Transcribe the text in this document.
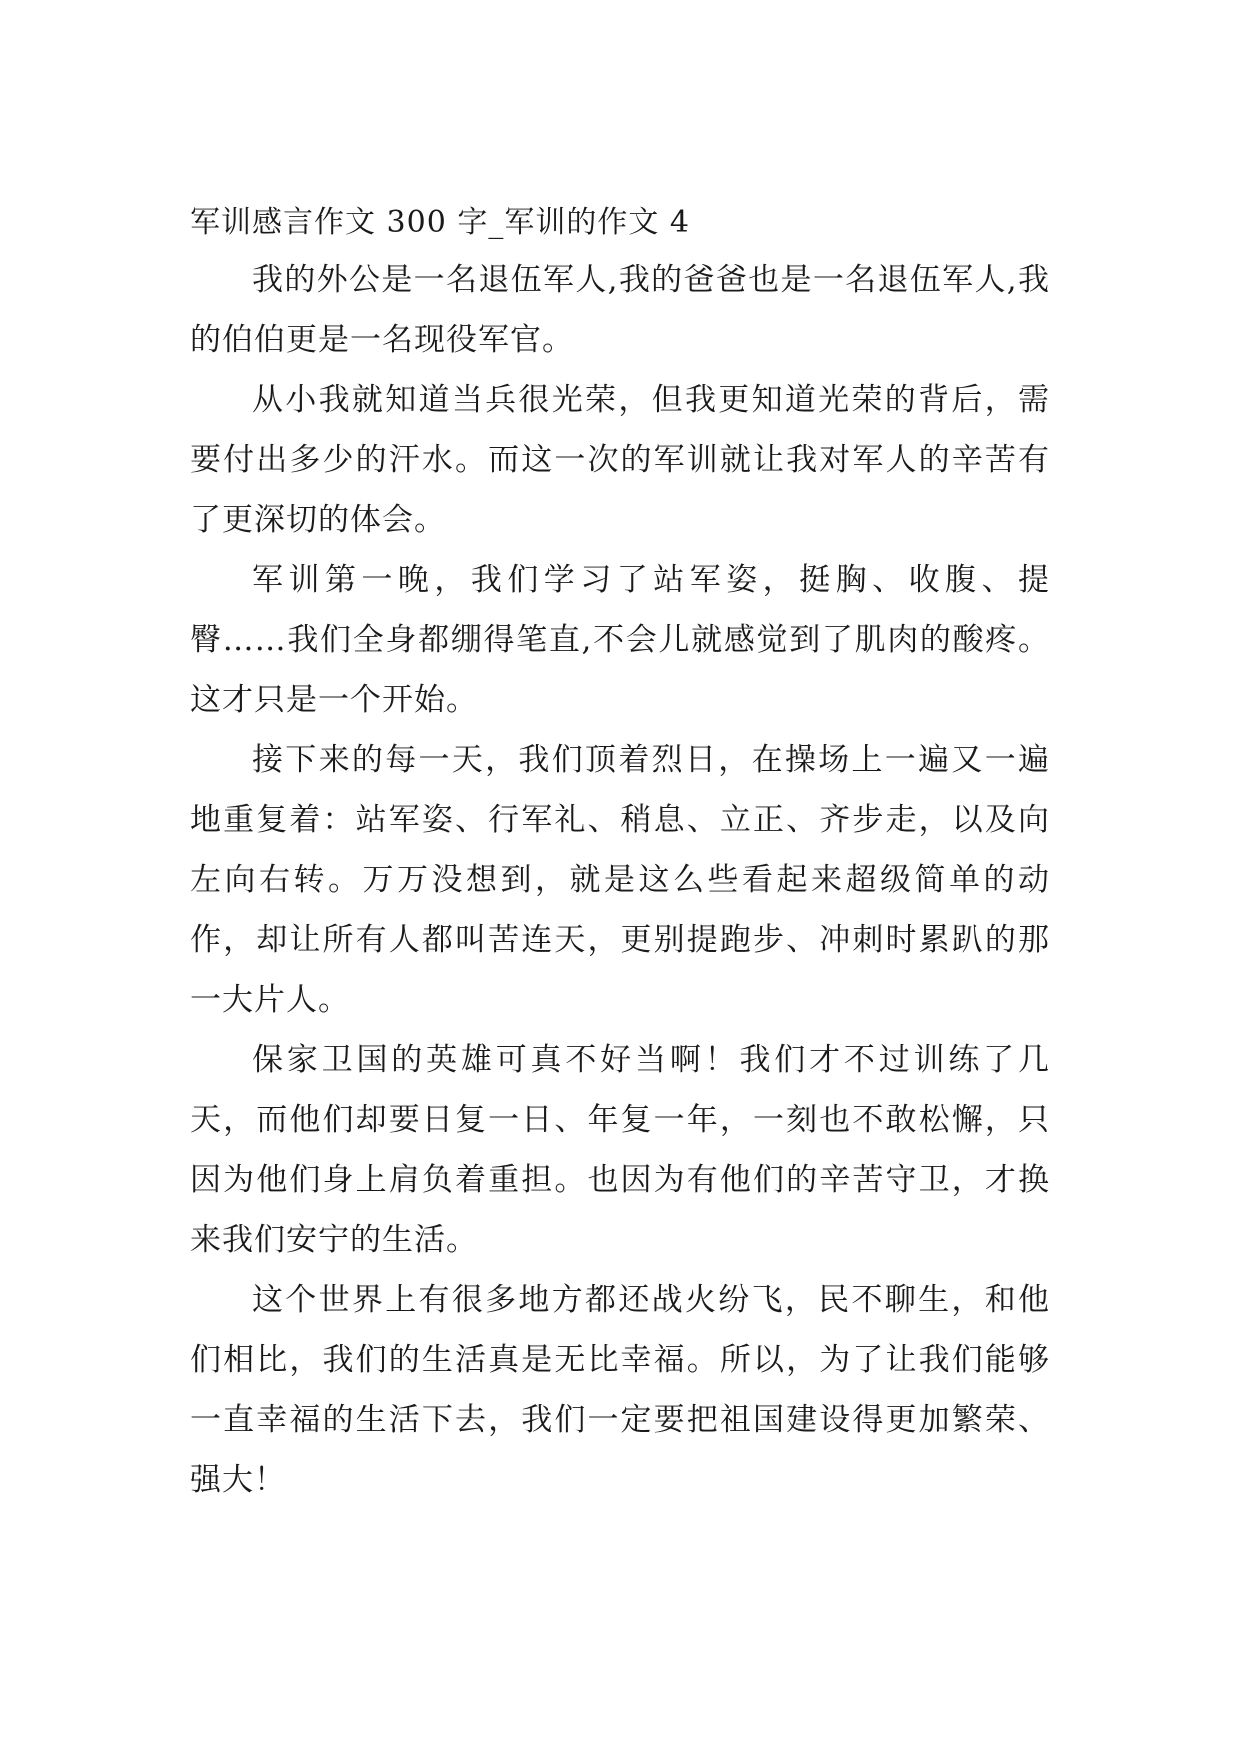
军训感言作文 300 字_军训的作文 4

我的外公是一名退伍军人,我的爸爸也是一名退伍军人,我的伯伯更是一名现役军官。

从小我就知道当兵很光荣，但我更知道光荣的背后，需要付出多少的汗水。而这一次的军训就让我对军人的辛苦有了更深切的体会。

军训第一晚，我们学习了站军姿，挺胸、收腹、提臀……我们全身都绷得笔直,不会儿就感觉到了肌肉的酸疼。这才只是一个开始。

接下来的每一天，我们顶着烈日，在操场上一遍又一遍地重复着：站军姿、行军礼、稍息、立正、齐步走，以及向左向右转。万万没想到，就是这么些看起来超级简单的动作，却让所有人都叫苦连天，更别提跑步、冲刺时累趴的那一大片人。

保家卫国的英雄可真不好当啊！我们才不过训练了几天，而他们却要日复一日、年复一年，一刻也不敢松懈，只因为他们身上肩负着重担。也因为有他们的辛苦守卫，才换来我们安宁的生活。

这个世界上有很多地方都还战火纷飞，民不聊生，和他们相比，我们的生活真是无比幸福。所以，为了让我们能够一直幸福的生活下去，我们一定要把祖国建设得更加繁荣、强大！
